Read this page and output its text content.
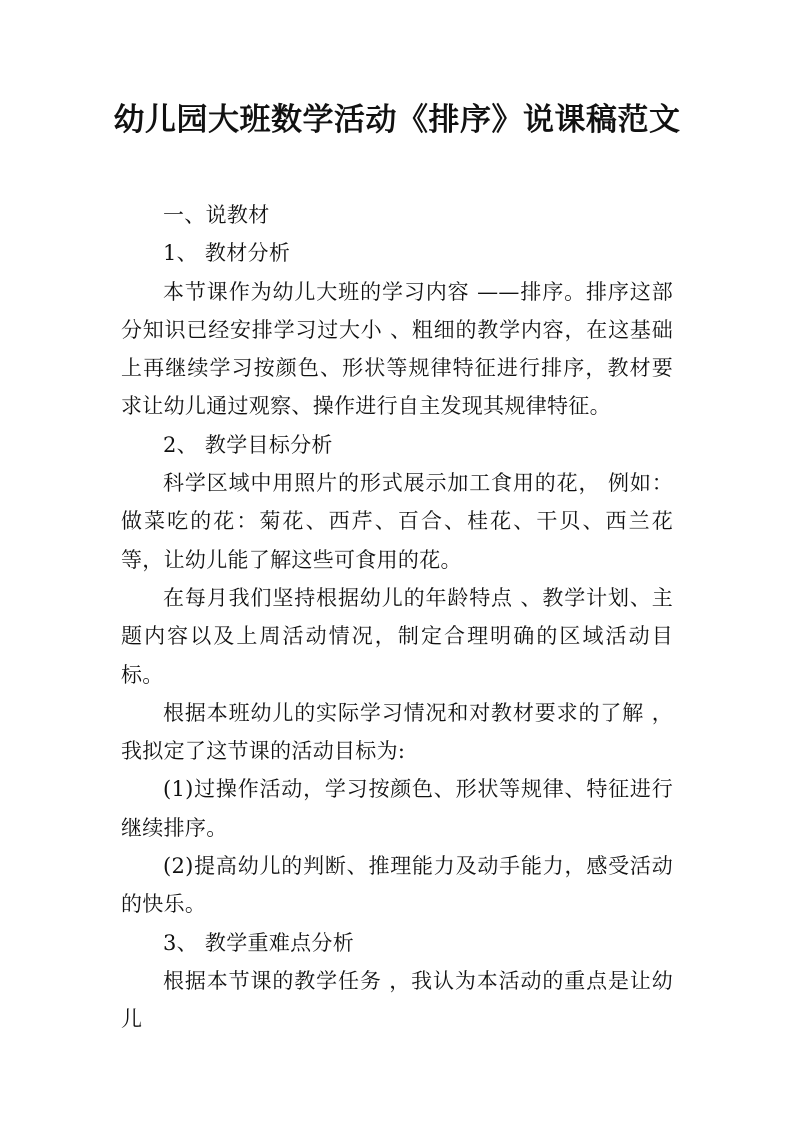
幼儿园大班数学活动《排序》说课稿范文

一、说教材

1、 教材分析

本节课作为幼儿大班的学习内容 ——排序。排序这部分知识已经安排学习过大小 、粗细的教学内容，在这基础上再继续学习按颜色、形状等规律特征进行排序，教材要求让幼儿通过观察、操作进行自主发现其规律特征。

2、 教学目标分析

科学区域中用照片的形式展示加工食用的花， 例如：做菜吃的花：菊花、西芹、百合、桂花、干贝、西兰花等，让幼儿能了解这些可食用的花。

在每月我们坚持根据幼儿的年龄特点 、教学计划、主题内容以及上周活动情况，制定合理明确的区域活动目标。

根据本班幼儿的实际学习情况和对教材要求的了解 ，我拟定了这节课的活动目标为:

(1)过操作活动，学习按颜色、形状等规律、特征进行继续排序。

(2)提高幼儿的判断、推理能力及动手能力，感受活动的快乐。

3、 教学重难点分析

根据本节课的教学任务 ，我认为本活动的重点是让幼儿
